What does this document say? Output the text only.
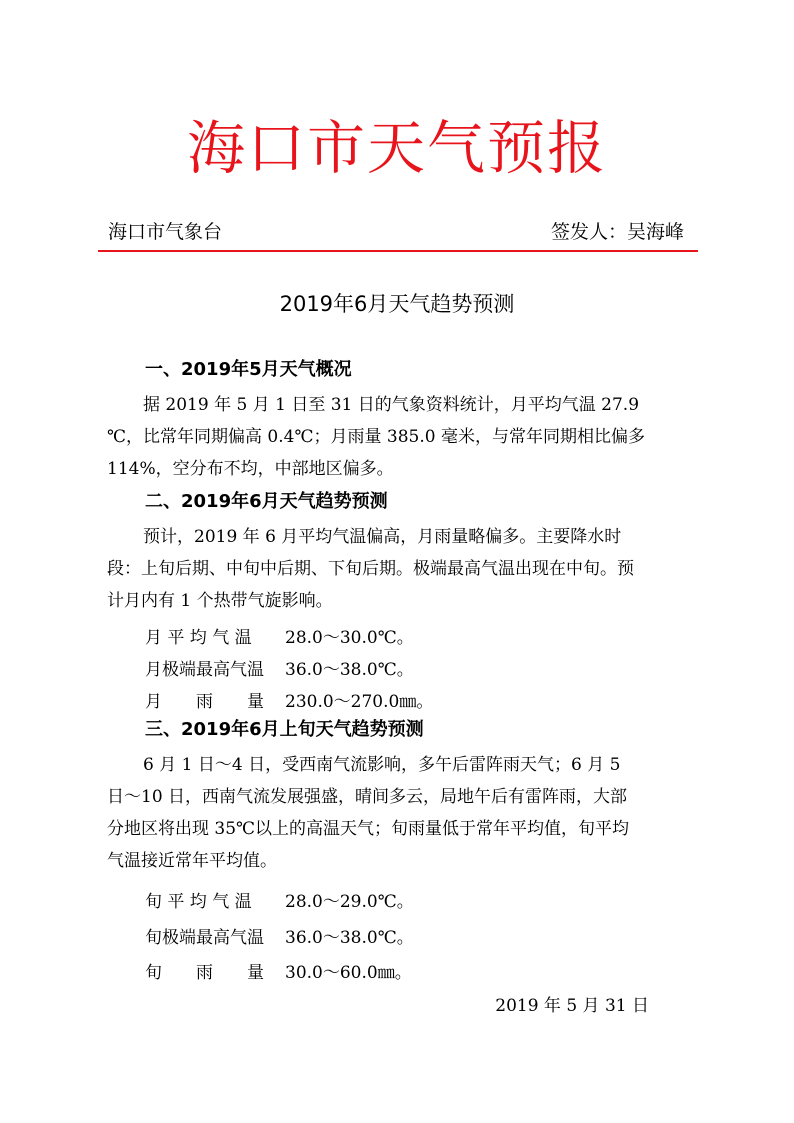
海口市天气预报
海口市气象台	签发人：吴海峰
2019年6月天气趋势预测
一、2019年5月天气概况

据 2019 年 5 月 1 日至 31 日的气象资料统计，月平均气温 27.9

℃，比常年同期偏高 0.4℃；月雨量 385.0 毫米，与常年同期相比偏多

114%，空分布不均，中部地区偏多。

二、2019年6月天气趋势预测

预计，2019 年 6 月平均气温偏高，月雨量略偏多。主要降水时

段：上旬后期、中旬中后期、下旬后期。极端最高气温出现在中旬。预

计月内有 1 个热带气旋影响。

月 平 均 气 温 28.0～30.0℃。
月极端最高气温 36.0～38.0℃。
月　　雨　　量 230.0～270.0㎜。
三、2019年6月上旬天气趋势预测

6 月 1 日～4 日，受西南气流影响，多午后雷阵雨天气；6 月 5

日～10 日，西南气流发展强盛，晴间多云，局地午后有雷阵雨，大部

分地区将出现 35℃以上的高温天气；旬雨量低于常年平均值，旬平均

气温接近常年平均值。

旬 平 均 气 温 28.0～29.0℃。
旬极端最高气温 36.0～38.0℃。
旬　　雨　　量 30.0～60.0㎜。
2019 年 5 月 31 日
